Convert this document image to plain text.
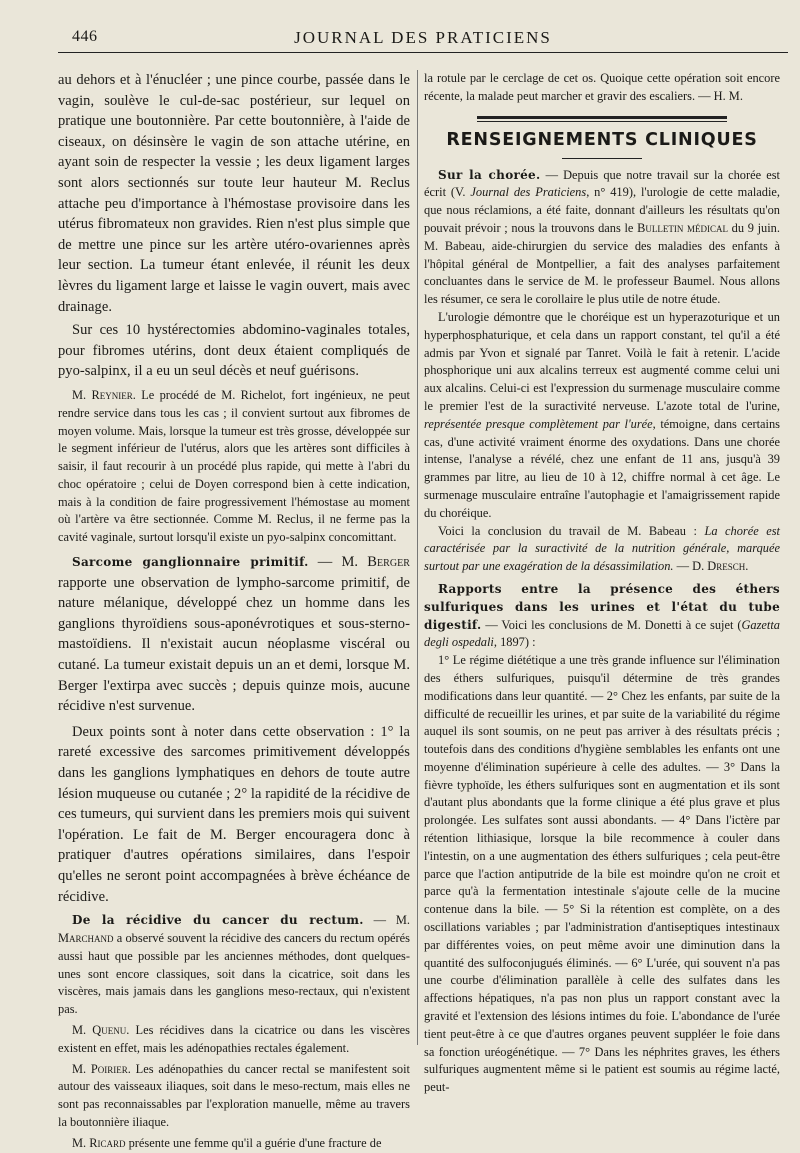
446	JOURNAL DES PRATICIENS

au dehors et à l'énucléer ; une pince courbe, passée dans le vagin, soulève le cul-de-sac postérieur, sur lequel on pratique une boutonnière. Par cette boutonnière, à l'aide de ciseaux, on désinsère le vagin de son attache utérine, en ayant soin de respecter la vessie ; les deux ligament larges sont alors sectionnés sur toute leur hauteur M. Reclus attache peu d'importance à l'hémostase provisoire dans les utérus fibromateux non gravides. Rien n'est plus simple que de mettre une pince sur les artère utéro-ovariennes après leur section. La tumeur étant enlevée, il réunit les deux lèvres du ligament large et laisse le vagin ouvert, mais avec drainage.

Sur ces 10 hystérectomies abdomino-vaginales totales, pour fibromes utérins, dont deux étaient compliqués de pyo-salpinx, il a eu un seul décès et neuf guérisons.

M. Reynier. Le procédé de M. Richelot, fort ingénieux, ne peut rendre service dans tous les cas ; il convient surtout aux fibromes de moyen volume. Mais, lorsque la tumeur est très grosse, développée sur le segment inférieur de l'utérus, alors que les artères sont difficiles à saisir, il faut recourir à un procédé plus rapide, qui mette à l'abri du choc opératoire ; celui de Doyen correspond bien à cette indication, mais à la condition de faire progressivement l'hémostase au moment où l'artère va être sectionnée. Comme M. Reclus, il ne ferme pas la cavité vaginale, surtout lorsqu'il existe un pyo-salpinx concomittant.

Sarcome ganglionnaire primitif. — M. Berger rapporte une observation de lympho-sarcome primitif, de nature mélanique, développé chez un homme dans les ganglions thyroïdiens sous-aponévrotiques et sous-sterno-mastoïdiens. Il n'existait aucun néoplasme viscéral ou cutané. La tumeur existait depuis un an et demi, lorsque M. Berger l'extirpa avec succès ; depuis quinze mois, aucune récidive n'est survenue.

Deux points sont à noter dans cette observation : 1° la rareté excessive des sarcomes primitivement développés dans les ganglions lymphatiques en dehors de toute autre lésion muqueuse ou cutanée ; 2° la rapidité de la récidive de ces tumeurs, qui survient dans les premiers mois qui suivent l'opération. Le fait de M. Berger encouragera donc à pratiquer d'autres opérations similaires, dans l'espoir qu'elles ne seront point accompagnées à brève échéance de récidive.

De la récidive du cancer du rectum. — M. Marchand a observé souvent la récidive des cancers du rectum opérés aussi haut que possible par les anciennes méthodes, dont quelques-unes sont encore classiques, soit dans la cicatrice, soit dans les viscères, mais jamais dans les ganglions meso-rectaux, qui n'existent pas.

M. Quenu. Les récidives dans la cicatrice ou dans les viscères existent en effet, mais les adénopathies rectales également.

M. Poirier. Les adénopathies du cancer rectal se manifestent soit autour des vaisseaux iliaques, soit dans le meso-rectum, mais elles ne sont pas reconnaissables par l'exploration manuelle, même au travers la boutonnière iliaque.

M. Ricard présente une femme qu'il a guérie d'une fracture de

la rotule par le cerclage de cet os. Quoique cette opération soit encore récente, la malade peut marcher et gravir des escaliers. — H. M.

RENSEIGNEMENTS CLINIQUES

Sur la chorée. — Depuis que notre travail sur la chorée est écrit (V. Journal des Praticiens, n° 419), l'urologie de cette maladie, que nous réclamions, a été faite, donnant d'ailleurs les résultats qu'on pouvait prévoir ; nous la trouvons dans le Bulletin médical du 9 juin. M. Babeau, aide-chirurgien du service des maladies des enfants à l'hôpital général de Montpellier, a fait des analyses parfaitement concluantes dans le service de M. le professeur Baumel. Nous allons les résumer, ce sera le corollaire le plus utile de notre étude.

L'urologie démontre que le choréique est un hyperazoturique et un hyperphosphaturique, et cela dans un rapport constant, tel qu'il a été admis par Yvon et signalé par Tanret. Voilà le fait à retenir. L'acide phosphorique uni aux alcalins terreux est augmenté comme celui uni aux alcalins. Celui-ci est l'expression du surmenage musculaire comme le premier l'est de la suractivité nerveuse. L'azote total de l'urine, représentée presque complètement par l'urée, témoigne, dans certains cas, d'une activité vraiment énorme des oxydations. Dans une chorée intense, l'analyse a révélé, chez une enfant de 11 ans, jusqu'à 39 grammes par litre, au lieu de 10 à 12, chiffre normal à cet âge. Le surmenage musculaire entraîne l'autophagie et l'amaigrissement rapide du choréique.

Voici la conclusion du travail de M. Babeau : La chorée est caractérisée par la suractivité de la nutrition générale, marquée surtout par une exagération de la désassimilation. — D. Dresch.

Rapports entre la présence des éthers sulfuriques dans les urines et l'état du tube digestif. — Voici les conclusions de M. Donetti à ce sujet (Gazetta degli ospedali, 1897) :

1° Le régime diététique a une très grande influence sur l'élimination des éthers sulfuriques, puisqu'il détermine de très grandes modifications dans leur quantité. — 2° Chez les enfants, par suite de la difficulté de recueillir les urines, et par suite de la variabilité du régime auquel ils sont soumis, on ne peut pas arriver à des résultats précis ; toutefois dans des conditions d'hygiène semblables les enfants ont une moyenne d'élimination supérieure à celle des adultes. — 3° Dans la fièvre typhoïde, les éthers sulfuriques sont en augmentation et ils sont d'autant plus abondants que la forme clinique a été plus grave et plus prolongée. Les sulfates sont aussi abondants. — 4° Dans l'ictère par rétention lithiasique, lorsque la bile recommence à couler dans l'intestin, on a une augmentation des éthers sulfuriques ; cela peut-être parce que l'action antiputride de la bile est moindre qu'on ne croit et parce qu'à la fermentation intestinale s'ajoute celle de la mucine contenue dans la bile. — 5° Si la rétention est complète, on a des oscillations variables ; par l'administration d'antiseptiques intestinaux par différentes voies, on peut même avoir une diminution dans la quantité des sulfoconjugués éliminés. — 6° L'urée, qui souvent n'a pas une courbe d'élimination parallèle à celle des sulfates dans les affections hépatiques, n'a pas non plus un rapport constant avec la gravité et l'extension des lésions intimes du foie. L'abondance de l'urée tient peut-être à ce que d'autres organes peuvent suppléer le foie dans sa fonction uréogénétique. — 7° Dans les néphrites graves, les éthers sulfuriques augmentent même si le patient est soumis au régime lacté, peut-
